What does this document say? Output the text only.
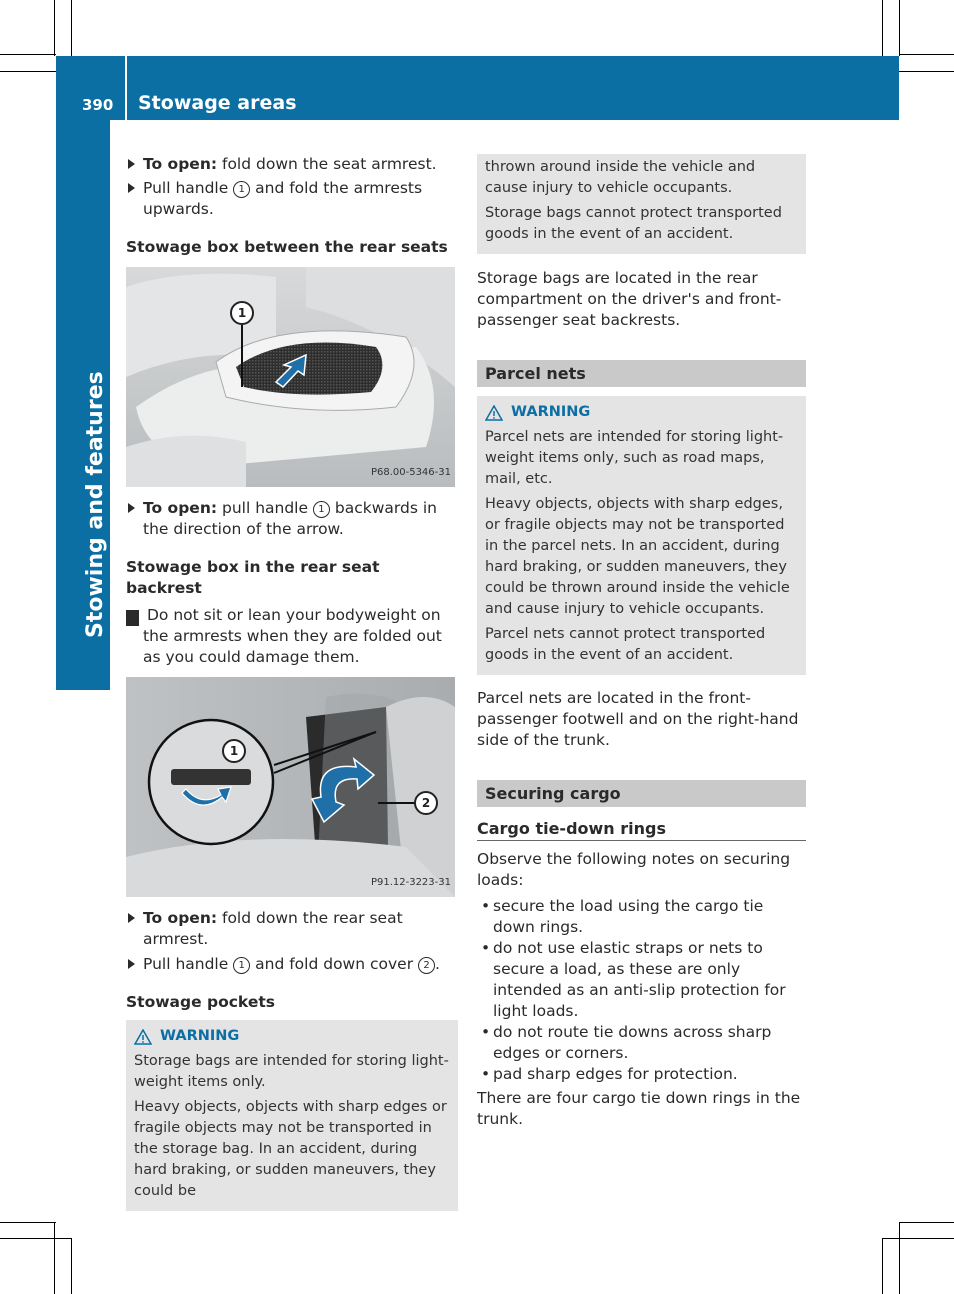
390 Stowage areas
Stowing and features

To open: fold down the seat armrest.

Pull handle 1 and fold the armrests upwards.

Stowage box between the rear seats

1
P68.00-5346-31

To open: pull handle 1 backwards in the direction of the arrow.

Stowage box in the rear seat backrest

! Do not sit or lean your bodyweight on the armrests when they are folded out as you could damage them.

1
2
P91.12-3223-31

To open: fold down the rear seat armrest.

Pull handle 1 and fold down cover 2 .

Stowage pockets

WARNING

Storage bags are intended for storing light-weight items only.

Heavy objects, objects with sharp edges or fragile objects may not be transported in the storage bag. In an accident, during hard braking, or sudden maneuvers, they could be

thrown around inside the vehicle and cause injury to vehicle occupants.

Storage bags cannot protect transported goods in the event of an accident.

Storage bags are located in the rear compartment on the driver's and front-passenger seat backrests.

Parcel nets
WARNING

Parcel nets are intended for storing light-weight items only, such as road maps, mail, etc.

Heavy objects, objects with sharp edges, or fragile objects may not be transported in the parcel nets. In an accident, during hard braking, or sudden maneuvers, they could be thrown around inside the vehicle and cause injury to vehicle occupants.

Parcel nets cannot protect transported goods in the event of an accident.

Parcel nets are located in the front-passenger footwell and on the right-hand side of the trunk.

Securing cargo

Cargo tie-down rings

Observe the following notes on securing loads:

• secure the load using the cargo tie down rings.

• do not use elastic straps or nets to secure a load, as these are only intended as an anti-slip protection for light loads.

• do not route tie downs across sharp edges or corners.

• pad sharp edges for protection.

There are four cargo tie down rings in the trunk.
